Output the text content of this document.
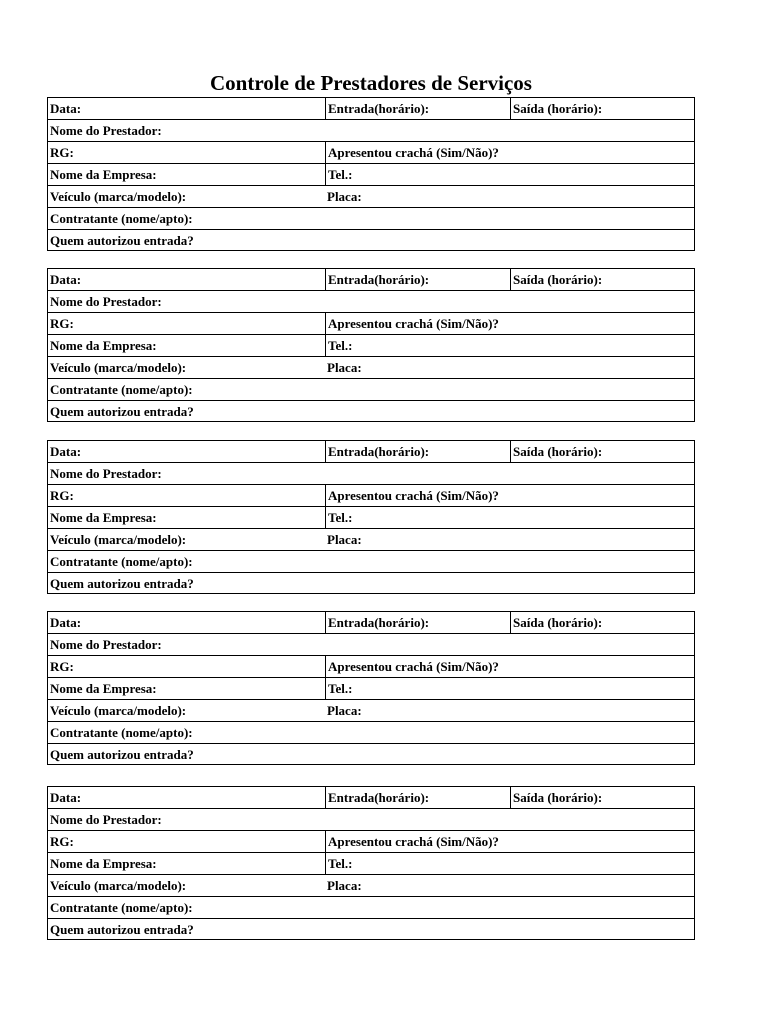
Controle de Prestadores de Serviços
Data:	Entrada(horário):	Saída (horário):
Nome do Prestador:
RG:	Apresentou crachá (Sim/Não)?
Nome da Empresa:	Tel.:
Veículo (marca/modelo):	Placa:
Contratante (nome/apto):
Quem autorizou entrada?
Data:	Entrada(horário):	Saída (horário):
Nome do Prestador:
RG:	Apresentou crachá (Sim/Não)?
Nome da Empresa:	Tel.:
Veículo (marca/modelo):	Placa:
Contratante (nome/apto):
Quem autorizou entrada?
Data:	Entrada(horário):	Saída (horário):
Nome do Prestador:
RG:	Apresentou crachá (Sim/Não)?
Nome da Empresa:	Tel.:
Veículo (marca/modelo):	Placa:
Contratante (nome/apto):
Quem autorizou entrada?
Data:	Entrada(horário):	Saída (horário):
Nome do Prestador:
RG:	Apresentou crachá (Sim/Não)?
Nome da Empresa:	Tel.:
Veículo (marca/modelo):	Placa:
Contratante (nome/apto):
Quem autorizou entrada?
Data:	Entrada(horário):	Saída (horário):
Nome do Prestador:
RG:	Apresentou crachá (Sim/Não)?
Nome da Empresa:	Tel.:
Veículo (marca/modelo):	Placa:
Contratante (nome/apto):
Quem autorizou entrada?
